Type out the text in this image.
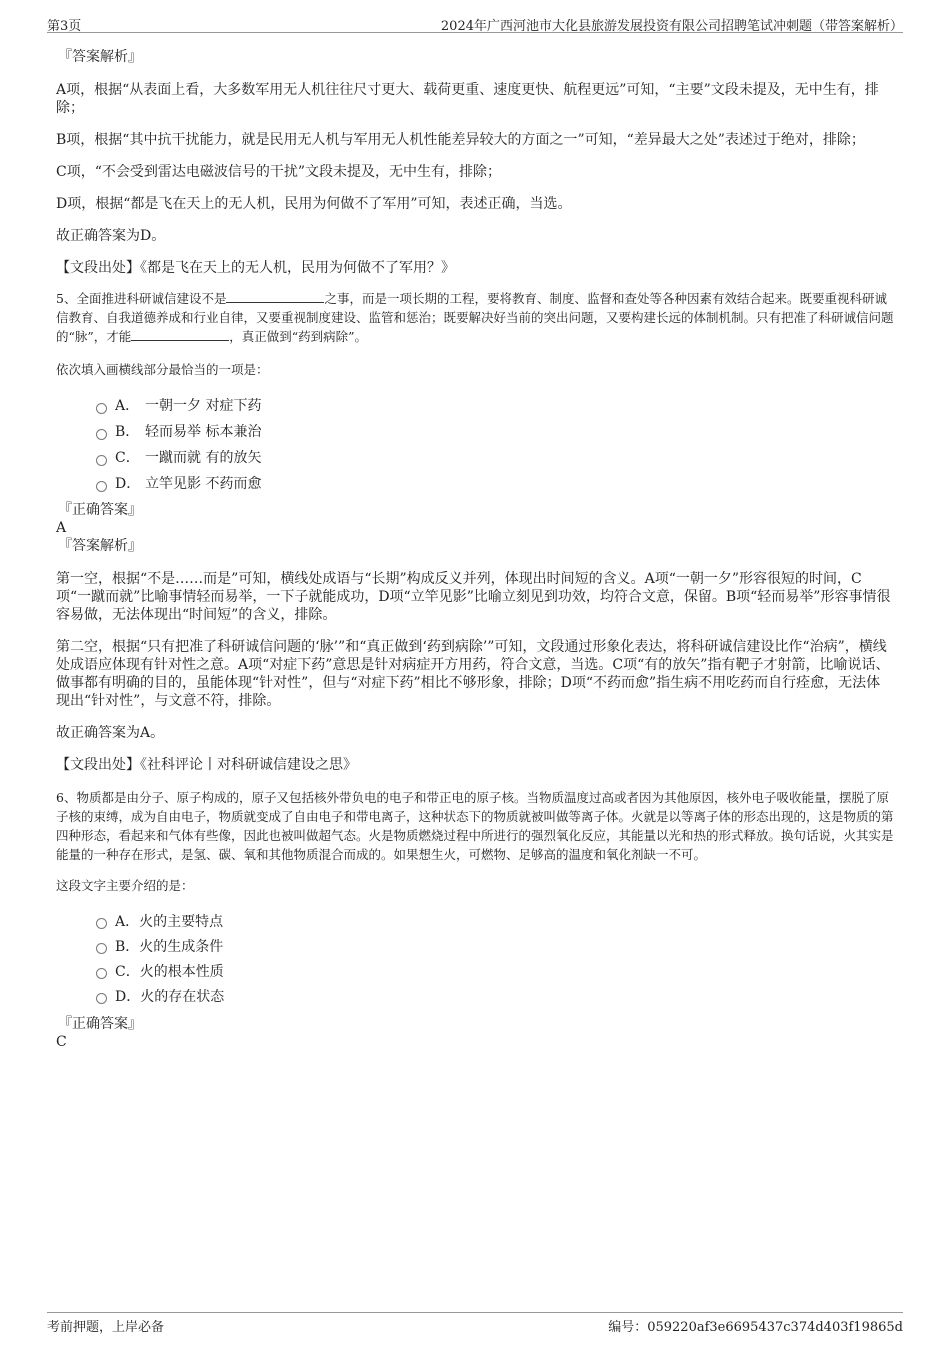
第3页	2024年广西河池市大化县旅游发展投资有限公司招聘笔试冲刺题（带答案解析）
『答案解析』

A项，根据“从表面上看，大多数军用无人机往往尺寸更大、载荷更重、速度更快、航程更远”可知，“主要”文段未提及，无中生有，排除；

B项，根据“其中抗干扰能力，就是民用无人机与军用无人机性能差异较大的方面之一”可知，“差异最大之处”表述过于绝对，排除；

C项，“不会受到雷达电磁波信号的干扰”文段未提及，无中生有，排除；

D项，根据“都是飞在天上的无人机，民用为何做不了军用”可知，表述正确，当选。

故正确答案为D。

【文段出处】《都是飞在天上的无人机，民用为何做不了军用？》

5、全面推进科研诚信建设不是	之事，而是一项长期的工程，要将教育、制度、监督和查处等各种因素有效结合起来。既要重视科研诚信教育、自我道德养成和行业自律，又要重视制度建设、监管和惩治；既要解决好当前的突出问题，又要构建长远的体制机制。只有把准了科研诚信问题的“脉”，才能	，真正做到“药到病除”。

依次填入画横线部分最恰当的一项是：

A． 一朝一夕 对症下药
B． 轻而易举 标本兼治
C． 一蹴而就 有的放矢
D． 立竿见影 不药而愈
『正确答案』
A
『答案解析』

第一空，根据“不是……而是”可知，横线处成语与“长期”构成反义并列，体现出时间短的含义。A项“一朝一夕”形容很短的时间，C项“一蹴而就”比喻事情轻而易举，一下子就能成功，D项“立竿见影”比喻立刻见到功效，均符合文意，保留。B项“轻而易举”形容事情很容易做，无法体现出“时间短”的含义，排除。

第二空，根据“只有把准了科研诚信问题的‘脉’”和“真正做到‘药到病除’”可知，文段通过形象化表达，将科研诚信建设比作“治病”，横线处成语应体现有针对性之意。A项“对症下药”意思是针对病症开方用药，符合文意，当选。C项“有的放矢”指有靶子才射箭，比喻说话、做事都有明确的目的，虽能体现“针对性”，但与“对症下药”相比不够形象，排除；D项“不药而愈”指生病不用吃药而自行痊愈，无法体现出“针对性”，与文意不符，排除。

故正确答案为A。

【文段出处】《社科评论丨对科研诚信建设之思》

6、物质都是由分子、原子构成的，原子又包括核外带负电的电子和带正电的原子核。当物质温度过高或者因为其他原因，核外电子吸收能量，摆脱了原子核的束缚，成为自由电子，物质就变成了自由电子和带电离子，这种状态下的物质就被叫做等离子体。火就是以等离子体的形态出现的，这是物质的第四种形态，看起来和气体有些像，因此也被叫做超气态。火是物质燃烧过程中所进行的强烈氧化反应，其能量以光和热的形式释放。换句话说，火其实是能量的一种存在形式，是氢、碳、氧和其他物质混合而成的。如果想生火，可燃物、足够高的温度和氧化剂缺一不可。

这段文字主要介绍的是：

A． 火的主要特点
B． 火的生成条件
C． 火的根本性质
D． 火的存在状态
『正确答案』
C
考前押题，上岸必备	编号：059220af3e6695437c374d403f19865d
